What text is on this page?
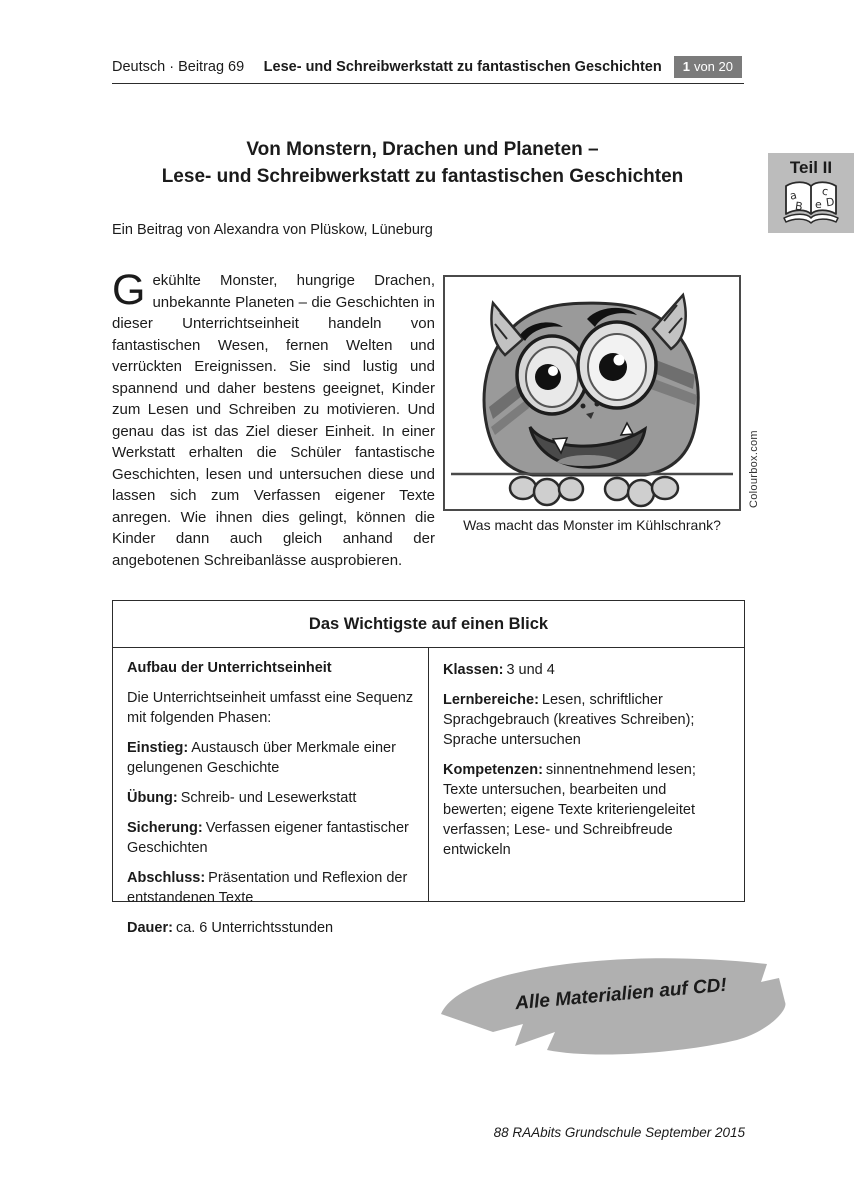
Deutsch · Beitrag 69	Lese- und Schreibwerkstatt zu fantastischen Geschichten	1 von 20
Von Monstern, Drachen und Planeten –
Lese- und Schreibwerkstatt zu fantastischen Geschichten	Teil II
a
B e
c
D
Ein Beitrag von Alexandra von Plüskow, Lüneburg
Gekühlte Monster, hungrige Drachen, unbekannte Planeten – die Geschichten in dieser Unterrichtseinheit handeln von fantastischen Wesen, fernen Welten und verrückten Ereignissen. Sie sind lustig und spannend und daher bestens geeignet, Kinder zum Lesen und Schreiben zu motivieren. Und genau das ist das Ziel dieser Einheit. In einer Werkstatt erhalten die Schüler fantastische Geschichten, lesen und untersuchen diese und lassen sich zum Verfassen eigener Texte anregen. Wie ihnen dies gelingt, können die Kinder dann auch gleich anhand der angebotenen Schreibanlässe ausprobieren.
Was macht das Monster im Kühlschrank?
Colourbox.com
Das Wichtigste auf einen Blick

Aufbau der Unterrichtseinheit

Die Unterrichtseinheit umfasst eine Sequenz mit folgenden Phasen:

Einstieg: Austausch über Merkmale einer gelungenen Geschichte

Übung: Schreib- und Lesewerkstatt

Sicherung: Verfassen eigener fantastischer Geschichten

Abschluss: Präsentation und Reflexion der entstandenen Texte

Dauer: ca. 6 Unterrichtsstunden

Klassen: 3 und 4

Lernbereiche: Lesen, schriftlicher Sprachgebrauch (kreatives Schreiben); Sprache untersuchen

Kompetenzen: sinnentnehmend lesen; Texte untersuchen, bearbeiten und bewerten; eigene Texte kriteriengeleitet verfassen; Lese- und Schreibfreude entwickeln

Alle Materialien auf CD!
88 RAAbits Grundschule September 2015
